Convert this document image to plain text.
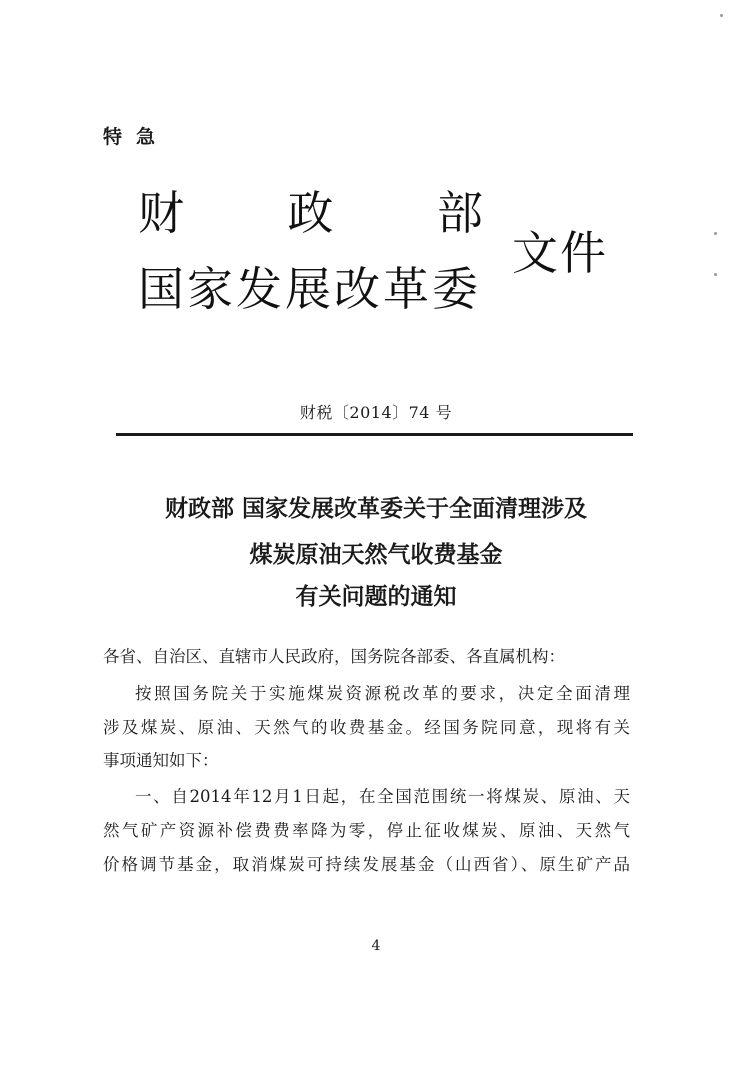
特急
财 政 部
国家发展改革委
文件
财税〔2014〕74 号
财政部 国家发展改革委关于全面清理涉及
煤炭原油天然气收费基金
有关问题的通知
各省、自治区、直辖市人民政府，国务院各部委、各直属机构：
按照国务院关于实施煤炭资源税改革的要求，决定全面清理
涉及煤炭、原油、天然气的收费基金。经国务院同意，现将有关
事项通知如下：
一、自2014年12月1日起，在全国范围统一将煤炭、原油、天
然气矿产资源补偿费费率降为零，停止征收煤炭、原油、天然气
价格调节基金，取消煤炭可持续发展基金（山西省）、原生矿产品
4
